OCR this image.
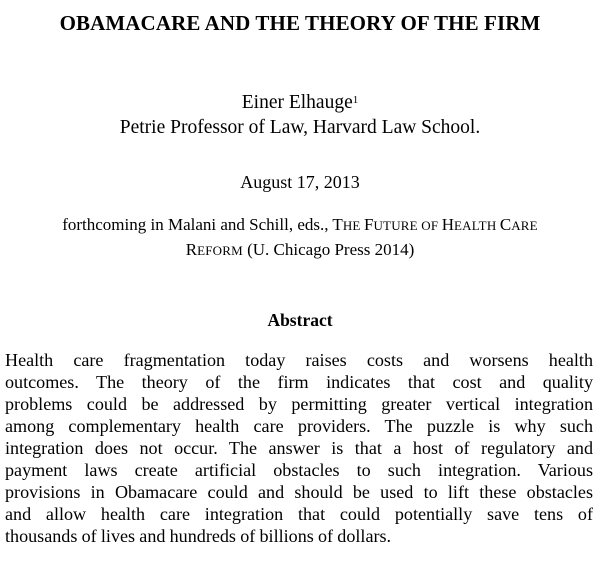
OBAMACARE AND THE THEORY OF THE FIRM
Einer Elhauge$^1$
Petrie Professor of Law, Harvard Law School.
August 17, 2013
forthcoming in Malani and Schill, eds., THE FUTURE OF HEALTH CARE
REFORM (U. Chicago Press 2014)
Abstract
Health care fragmentation today raises costs and worsens health
outcomes. The theory of the firm indicates that cost and quality
problems could be addressed by permitting greater vertical integration
among complementary health care providers. The puzzle is why such
integration does not occur. The answer is that a host of regulatory and
payment laws create artificial obstacles to such integration. Various
provisions in Obamacare could and should be used to lift these obstacles
and allow health care integration that could potentially save tens of
thousands of lives and hundreds of billions of dollars.
